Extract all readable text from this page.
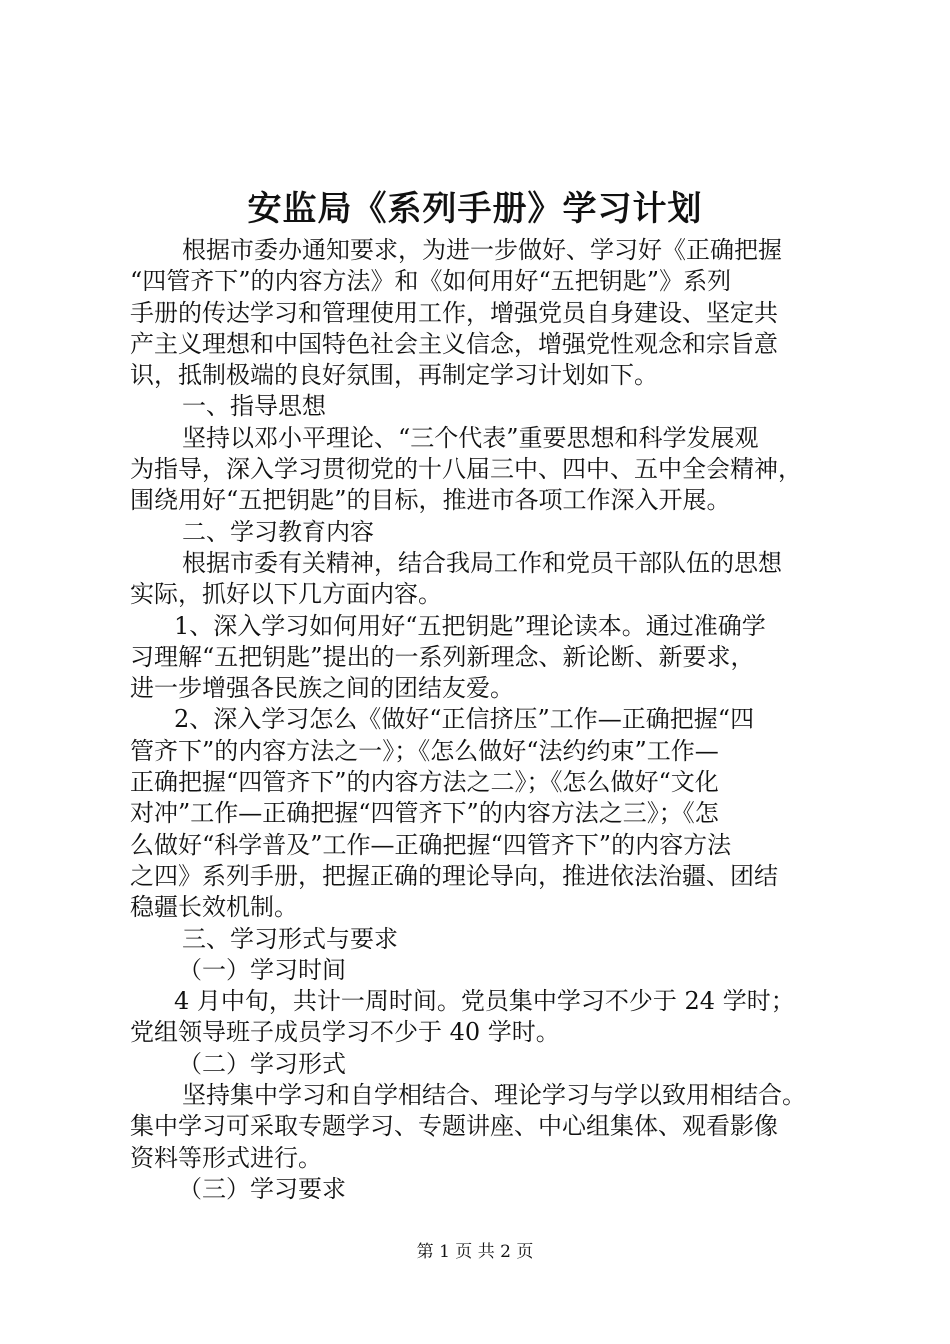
安监局《系列手册》学习计划
根据市委办通知要求，为进一步做好、学习好《正确把握
“四管齐下”的内容方法》和《如何用好“五把钥匙”》系列
手册的传达学习和管理使用工作，增强党员自身建设、坚定共
产主义理想和中国特色社会主义信念，增强党性观念和宗旨意
识，抵制极端的良好氛围，再制定学习计划如下。
一、指导思想
坚持以邓小平理论、“三个代表”重要思想和科学发展观
为指导，深入学习贯彻党的十八届三中、四中、五中全会精神，
围绕用好“五把钥匙”的目标，推进市各项工作深入开展。
二、学习教育内容
根据市委有关精神，结合我局工作和党员干部队伍的思想
实际，抓好以下几方面内容。
1、深入学习如何用好“五把钥匙”理论读本。通过准确学
习理解“五把钥匙”提出的一系列新理念、新论断、新要求，
进一步增强各民族之间的团结友爱。
2、深入学习怎么《做好“正信挤压”工作—正确把握“四
管齐下”的内容方法之一》；《怎么做好“法约约束”工作—
正确把握“四管齐下”的内容方法之二》；《怎么做好“文化
对冲”工作—正确把握“四管齐下”的内容方法之三》；《怎
么做好“科学普及”工作—正确把握“四管齐下”的内容方法
之四》系列手册，把握正确的理论导向，推进依法治疆、团结
稳疆长效机制。
三、学习形式与要求
（一）学习时间
4 月中旬，共计一周时间。党员集中学习不少于 24 学时；
党组领导班子成员学习不少于 40 学时。
（二）学习形式
坚持集中学习和自学相结合、理论学习与学以致用相结合。
集中学习可采取专题学习、专题讲座、中心组集体、观看影像
资料等形式进行。
（三）学习要求
第 1 页 共 2 页
